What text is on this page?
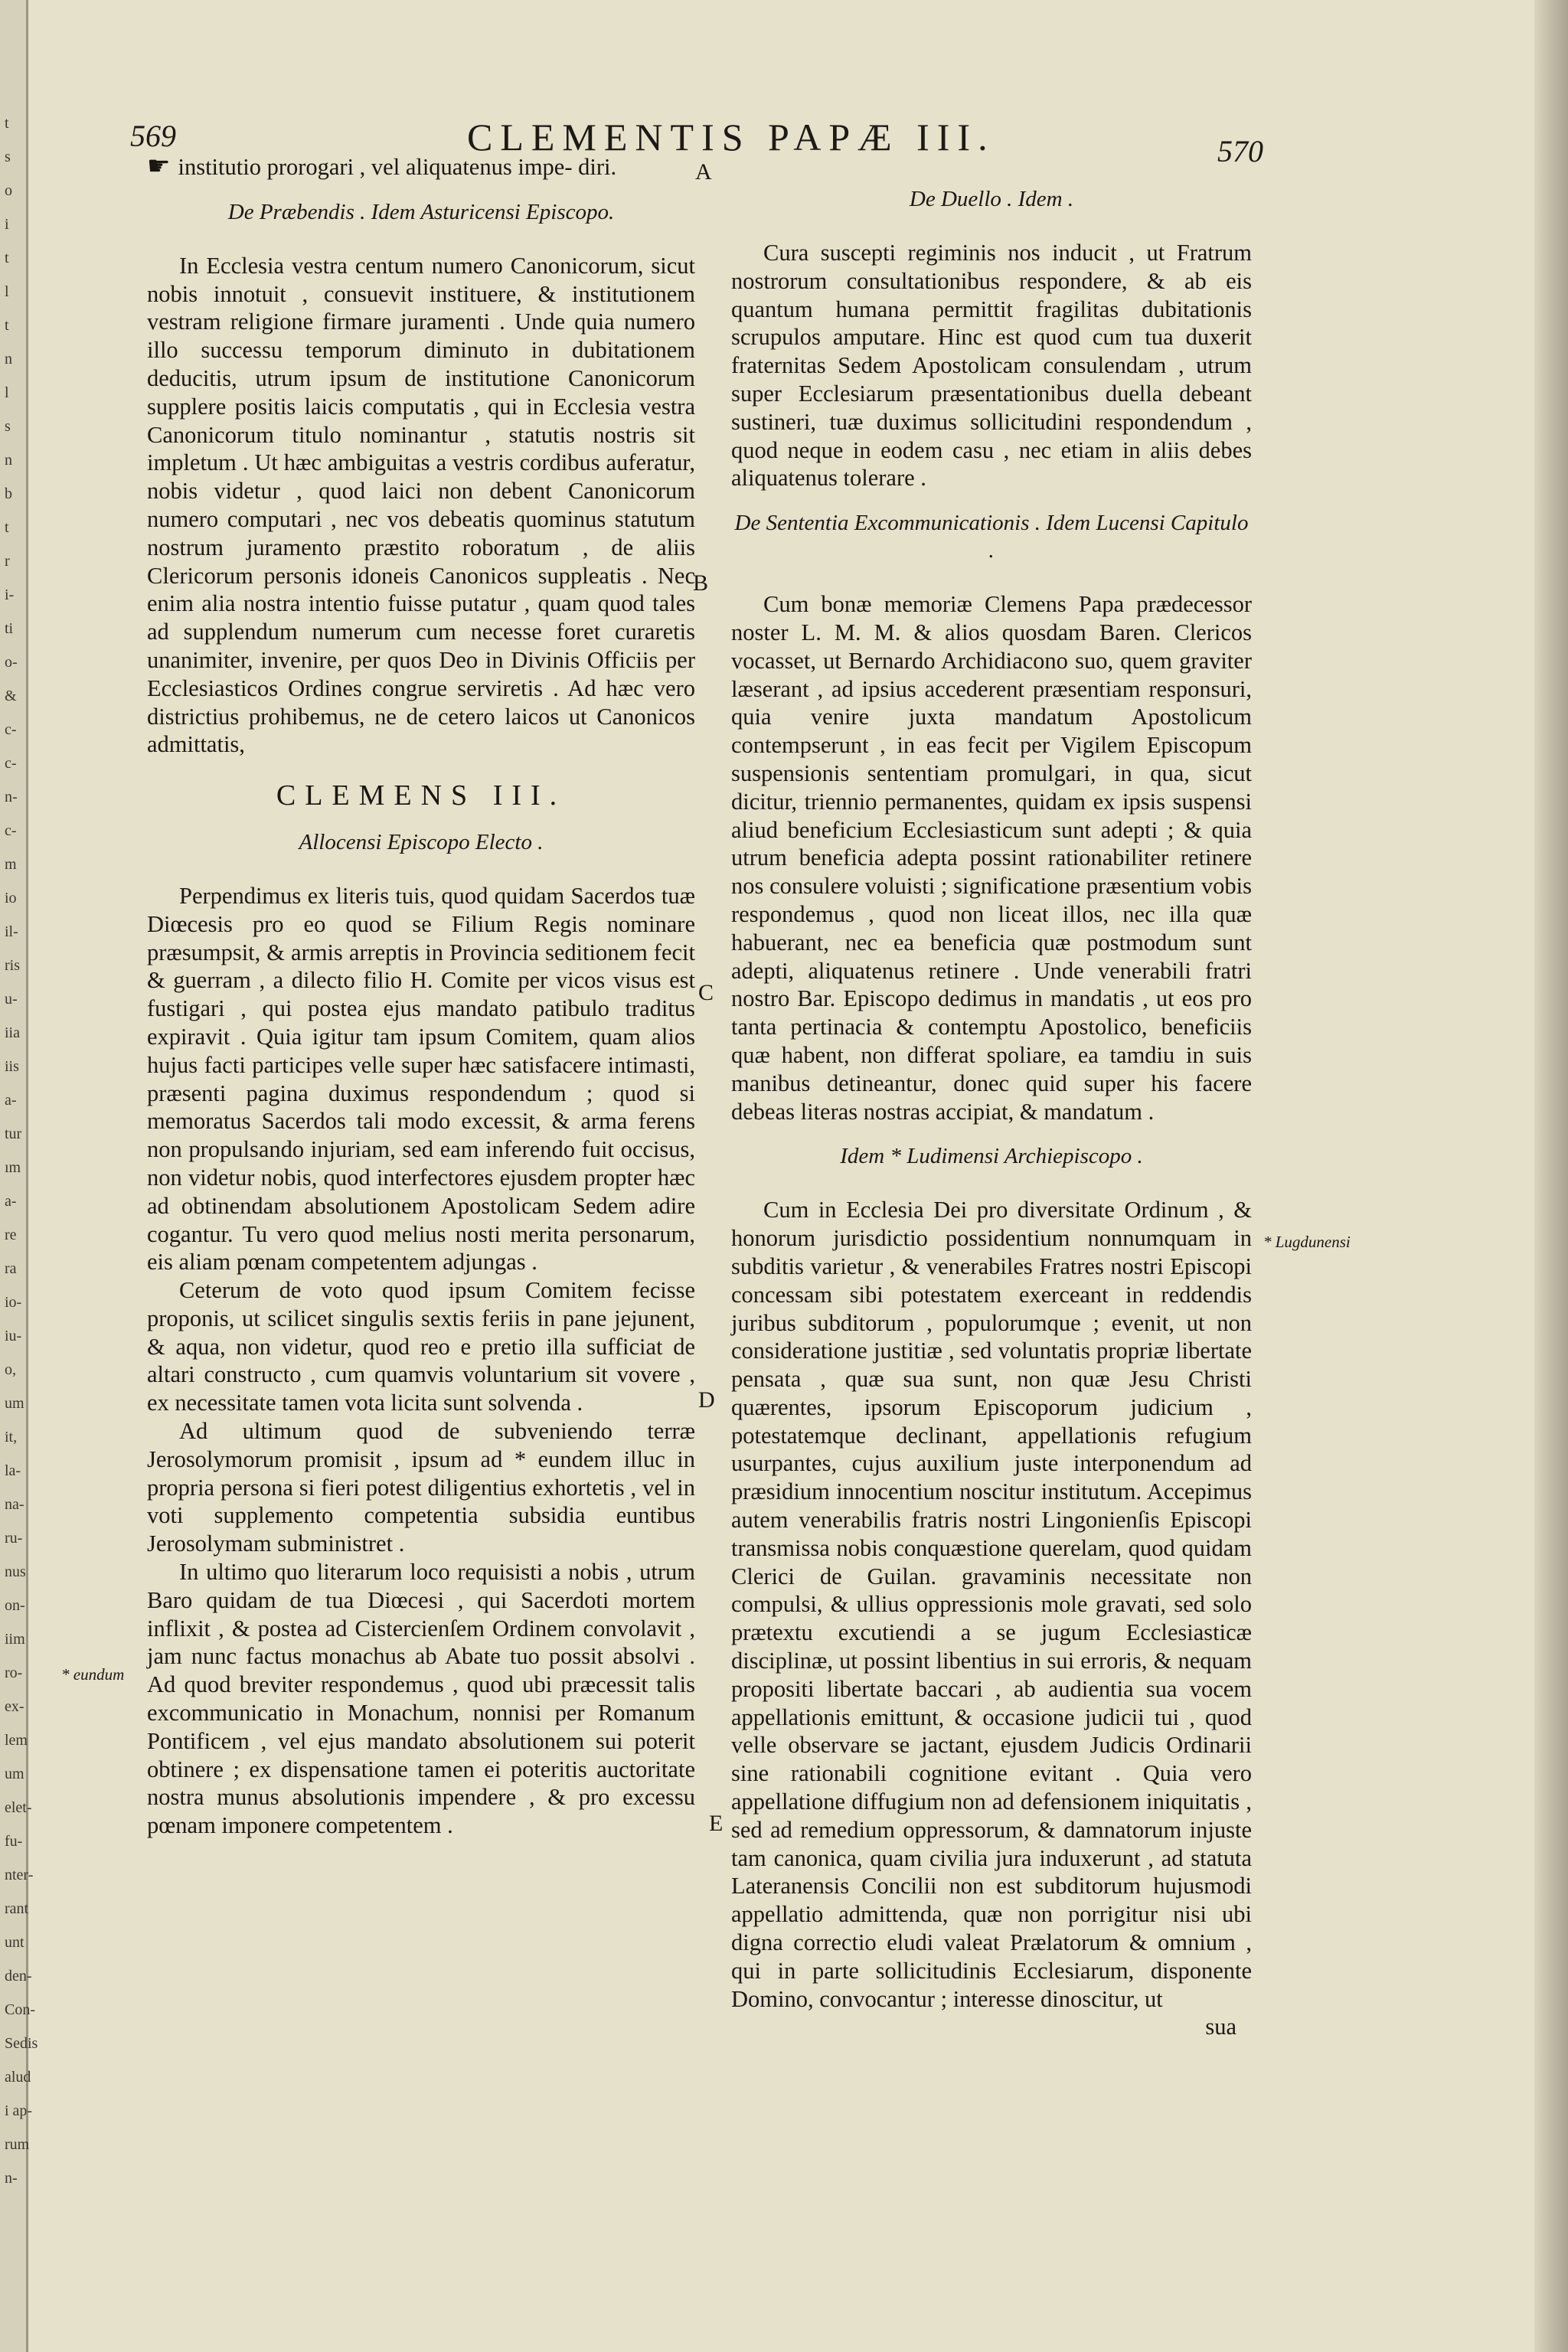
t
s
o
i
t
l
t
n
l
s
n
b
t
r
i-
ti
o-
&
c-
c-
n-
c-
m
io
il-
ris
u-
iia
iis
a-
tur
ım
a-
re
ra
io-
iu-
o,
um
it,
la-
na-
ru-
nus
on-
iim
ro-
ex-
lem
um
elet-
fu-
nter-
rant
unt
den-
Con-
Sedis
alud
i ap-
rum
n-
569	CLEMENTIS PAPÆ III.	570
A
B
C
D
E
* eundum
* Lugdunensi

☛ institutio prorogari , vel aliquatenus impe- diri.

De Præbendis . Idem Asturicensi Episcopo.

In Ecclesia vestra centum numero Canonicorum, sicut nobis innotuit , consuevit instituere, & institutionem vestram religione firmare juramenti . Unde quia numero illo successu temporum diminuto in dubitationem deducitis, utrum ipsum de institutione Canonicorum supplere positis laicis computatis , qui in Ecclesia vestra Canonicorum titulo nominantur , statutis nostris sit impletum . Ut hæc ambiguitas a vestris cordibus auferatur, nobis videtur , quod laici non debent Canonicorum numero computari , nec vos debeatis quominus statutum nostrum juramento præstito roboratum , de aliis Clericorum personis idoneis Canonicos suppleatis . Nec enim alia nostra intentio fuisse putatur , quam quod tales ad supplendum numerum cum necesse foret curaretis unanimiter, invenire, per quos Deo in Divinis Officiis per Ecclesiasticos Ordines congrue serviretis . Ad hæc vero districtius prohibemus, ne de cetero laicos ut Canonicos admittatis,

CLEMENS III.
Allocensi Episcopo Electo .

Perpendimus ex literis tuis, quod quidam Sacerdos tuæ Diœcesis pro eo quod se Filium Regis nominare præsumpsit, & armis arreptis in Provincia seditionem fecit & guerram , a dilecto filio H. Comite per vicos visus est fustigari , qui postea ejus mandato patibulo traditus expiravit . Quia igitur tam ipsum Comitem, quam alios hujus facti participes velle super hæc satisfacere intimasti, præsenti pagina duximus respondendum ; quod si memoratus Sacerdos tali modo excessit, & arma ferens non propulsando injuriam, sed eam inferendo fuit occisus, non videtur nobis, quod interfectores ejusdem propter hæc ad obtinendam absolutionem Apostolicam Sedem adire cogantur. Tu vero quod melius nosti merita personarum, eis aliam pœnam competentem adjungas .

Ceterum de voto quod ipsum Comitem fecisse proponis, ut scilicet singulis sextis feriis in pane jejunent, & aqua, non videtur, quod reo e pretio illa sufficiat de altari constructo , cum quamvis voluntarium sit vovere , ex necessitate tamen vota licita sunt solvenda .

Ad ultimum quod de subveniendo terræ Jerosolymorum promisit , ipsum ad * eundem illuc in propria persona si fieri potest diligentius exhortetis , vel in voti supplemento competentia subsidia euntibus Jerosolymam subministret .

In ultimo quo literarum loco requisisti a nobis , utrum Baro quidam de tua Diœcesi , qui Sacerdoti mortem inflixit , & postea ad Cistercienſem Ordinem convolavit , jam nunc factus monachus ab Abate tuo possit absolvi . Ad quod breviter respondemus , quod ubi præcessit talis excommunicatio in Monachum, nonnisi per Romanum Pontificem , vel ejus mandato absolutionem sui poterit obtinere ; ex dispensatione tamen ei poteritis auctoritate nostra munus absolutionis impendere , & pro excessu pœnam imponere competentem .

De Duello . Idem .

Cura suscepti regiminis nos inducit , ut Fratrum nostrorum consultationibus respondere, & ab eis quantum humana permittit fragilitas dubitationis scrupulos amputare. Hinc est quod cum tua duxerit fraternitas Sedem Apostolicam consulendam , utrum super Ecclesiarum præsentationibus duella debeant sustineri, tuæ duximus sollicitudini respondendum , quod neque in eodem casu , nec etiam in aliis debes aliquatenus tolerare .

De Sententia Excommunicationis . Idem Lucensi Capitulo .

Cum bonæ memoriæ Clemens Papa prædecessor noster L. M. M. & alios quosdam Baren. Clericos vocasset, ut Bernardo Archidiacono suo, quem graviter læserant , ad ipsius accederent præsentiam responsuri, quia venire juxta mandatum Apostolicum contempserunt , in eas fecit per Vigilem Episcopum suspensionis sententiam promulgari, in qua, sicut dicitur, triennio permanentes, quidam ex ipsis suspensi aliud beneficium Ecclesiasticum sunt adepti ; & quia utrum beneficia adepta possint rationabiliter retinere nos consulere voluisti ; significatione præsentium vobis respondemus , quod non liceat illos, nec illa quæ habuerant, nec ea beneficia quæ postmodum sunt adepti, aliquatenus retinere . Unde venerabili fratri nostro Bar. Episcopo dedimus in mandatis , ut eos pro tanta pertinacia & contemptu Apostolico, beneficiis quæ habent, non differat spoliare, ea tamdiu in suis manibus detineantur, donec quid super his facere debeas literas nostras accipiat, & mandatum .

Idem * Ludimensi Archiepiscopo .

Cum in Ecclesia Dei pro diversitate Ordinum , & honorum jurisdictio possidentium nonnumquam in subditis varietur , & venerabiles Fratres nostri Episcopi concessam sibi potestatem exerceant in reddendis juribus subditorum , populorumque ; evenit, ut non consideratione justitiæ , sed voluntatis propriæ libertate pensata , quæ sua sunt, non quæ Jesu Christi quærentes, ipsorum Episcoporum judicium , potestatemque declinant, appellationis refugium usurpantes, cujus auxilium juste interponendum ad præsidium innocentium noscitur institutum. Accepimus autem venerabilis fratris nostri Lingonienſis Episcopi transmissa nobis conquæstione querelam, quod quidam Clerici de Guilan. gravaminis necessitate non compulsi, & ullius oppressionis mole gravati, sed solo prætextu excutiendi a se jugum Ecclesiasticæ disciplinæ, ut possint libentius in sui erroris, & nequam propositi libertate baccari , ab audientia sua vocem appellationis emittunt, & occasione judicii tui , quod velle observare se jactant, ejusdem Judicis Ordinarii sine rationabili cognitione evitant . Quia vero appellatione diffugium non ad defensionem iniquitatis , sed ad remedium oppressorum, & damnatorum injuste tam canonica, quam civilia jura induxerunt , ad statuta Lateranensis Concilii non est subditorum hujusmodi appellatio admittenda, quæ non porrigitur nisi ubi digna correctio eludi valeat Prælatorum & omnium , qui in parte sollicitudinis Ecclesiarum, disponente Domino, convocantur ; interesse dinoscitur, ut

sua
